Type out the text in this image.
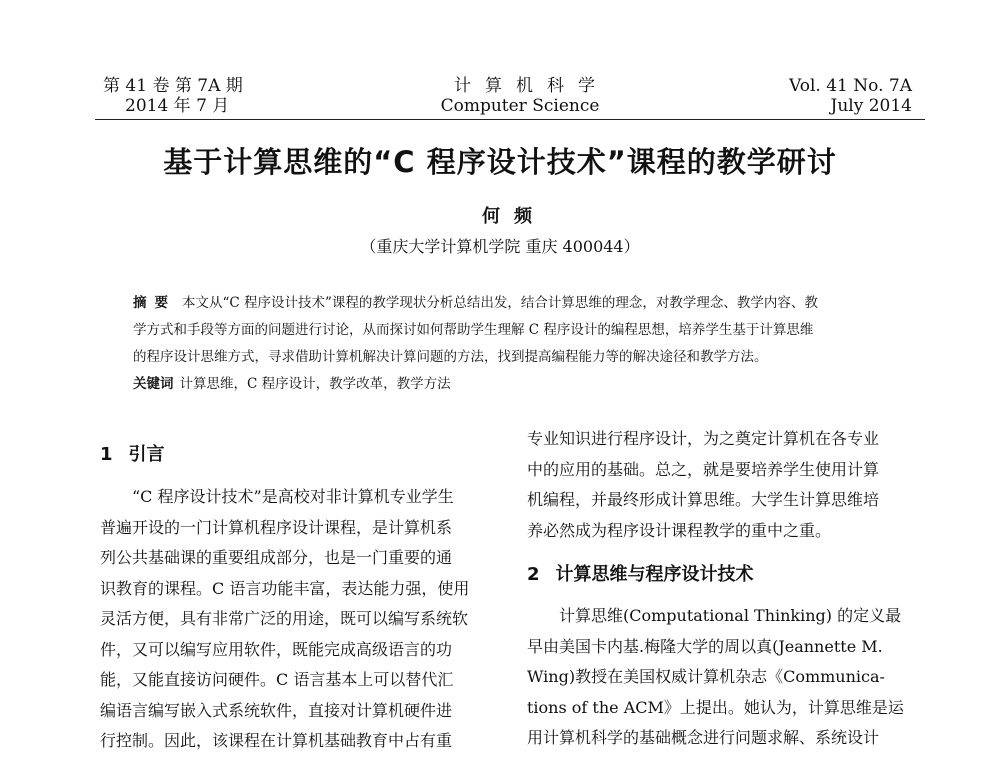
第 41 卷 第 7A 期
2014 年 7 月
计算机科学
Computer Science
Vol. 41 No. 7A
July 2014
基于计算思维的“C 程序设计技术”课程的教学研讨
何频
（重庆大学计算机学院 重庆 400044）
摘要 本文从“C 程序设计技术”课程的教学现状分析总结出发，结合计算思维的理念，对教学理念、教学内容、教
学方式和手段等方面的问题进行讨论，从而探讨如何帮助学生理解 C 程序设计的编程思想，培养学生基于计算思维
的程序设计思维方式，寻求借助计算机解决计算问题的方法，找到提高编程能力等的解决途径和教学方法。
关键词 计算思维，C 程序设计，教学改革，教学方法
1 引言
“C 程序设计技术”是高校对非计算机专业学生
普遍开设的一门计算机程序设计课程，是计算机系
列公共基础课的重要组成部分，也是一门重要的通
识教育的课程。C 语言功能丰富，表达能力强，使用
灵活方便，具有非常广泛的用途，既可以编写系统软
件，又可以编写应用软件，既能完成高级语言的功
能，又能直接访问硬件。C 语言基本上可以替代汇
编语言编写嵌入式系统软件，直接对计算机硬件进
行控制。因此，该课程在计算机基础教育中占有重
专业知识进行程序设计，为之奠定计算机在各专业
中的应用的基础。总之，就是要培养学生使用计算
机编程，并最终形成计算思维。大学生计算思维培
养必然成为程序设计课程教学的重中之重。
2 计算思维与程序设计技术
计算思维(Computational Thinking) 的定义最
早由美国卡内基.梅隆大学的周以真(Jeannette M.
Wing)教授在美国权威计算机杂志《Communica-
tions of the ACM》上提出。她认为，计算思维是运
用计算机科学的基础概念进行问题求解、系统设计
